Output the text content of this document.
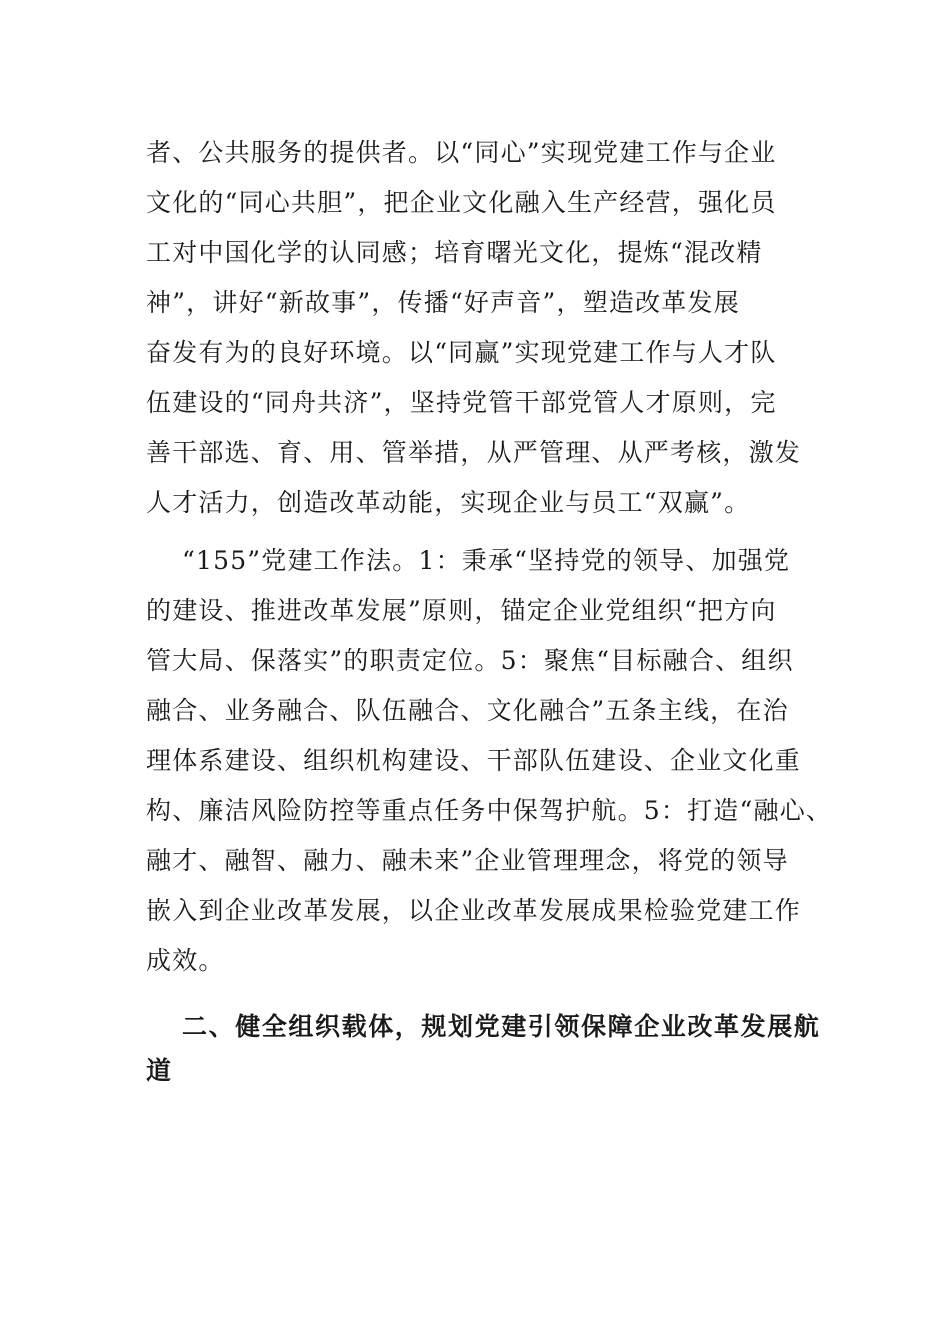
者、公共服务的提供者。以“同心”实现党建工作与企业
文化的“同心共胆”，把企业文化融入生产经营，强化员
工对中国化学的认同感；培育曙光文化，提炼“混改精
神”，讲好“新故事”，传播“好声音”，塑造改革发展
奋发有为的良好环境。以“同赢”实现党建工作与人才队
伍建设的“同舟共济”，坚持党管干部党管人才原则，完
善干部选、育、用、管举措，从严管理、从严考核，激发
人才活力，创造改革动能，实现企业与员工“双赢”。
“155”党建工作法。1：秉承“坚持党的领导、加强党
的建设、推进改革发展”原则，锚定企业党组织“把方向
管大局、保落实”的职责定位。5：聚焦“目标融合、组织
融合、业务融合、队伍融合、文化融合”五条主线，在治
理体系建设、组织机构建设、干部队伍建设、企业文化重
构、廉洁风险防控等重点任务中保驾护航。5：打造“融心、
融才、融智、融力、融未来”企业管理理念，将党的领导
嵌入到企业改革发展，以企业改革发展成果检验党建工作
成效。
二、健全组织载体，规划党建引领保障企业改革发展航
道
